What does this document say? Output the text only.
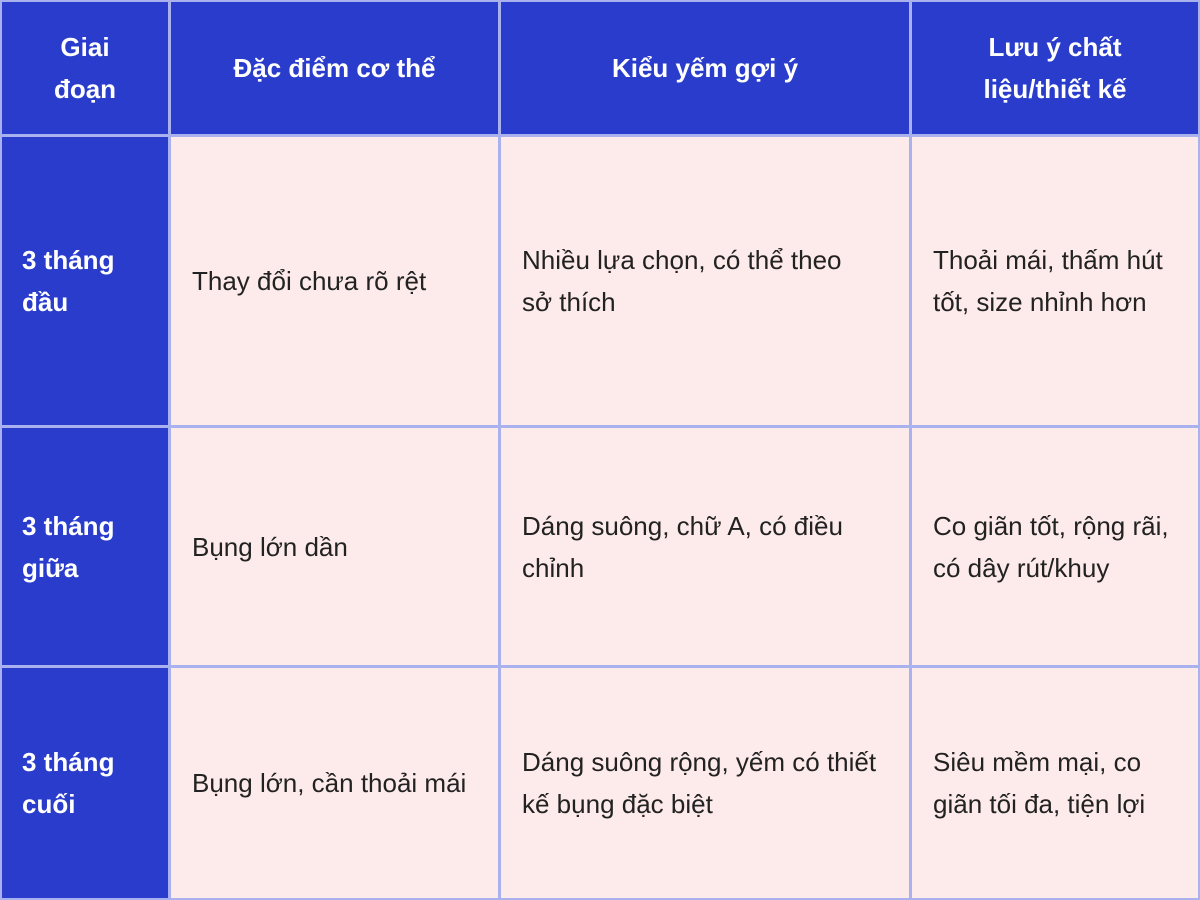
Giai đoạn
Đặc điểm cơ thể	Kiểu yếm gợi ý
Lưu ý chất liệu/thiết kế
3 tháng đầu
Thay đổi chưa rõ rệt
Nhiều lựa chọn, có thể theo sở thích
Thoải mái, thấm hút tốt, size nhỉnh hơn
3 tháng giữa
Bụng lớn dần
Dáng suông, chữ A, có điều chỉnh
Co giãn tốt, rộng rãi, có dây rút/khuy
3 tháng cuối
Bụng lớn, cần thoải mái
Dáng suông rộng, yếm có thiết kế bụng đặc biệt
Siêu mềm mại, co giãn tối đa, tiện lợi
